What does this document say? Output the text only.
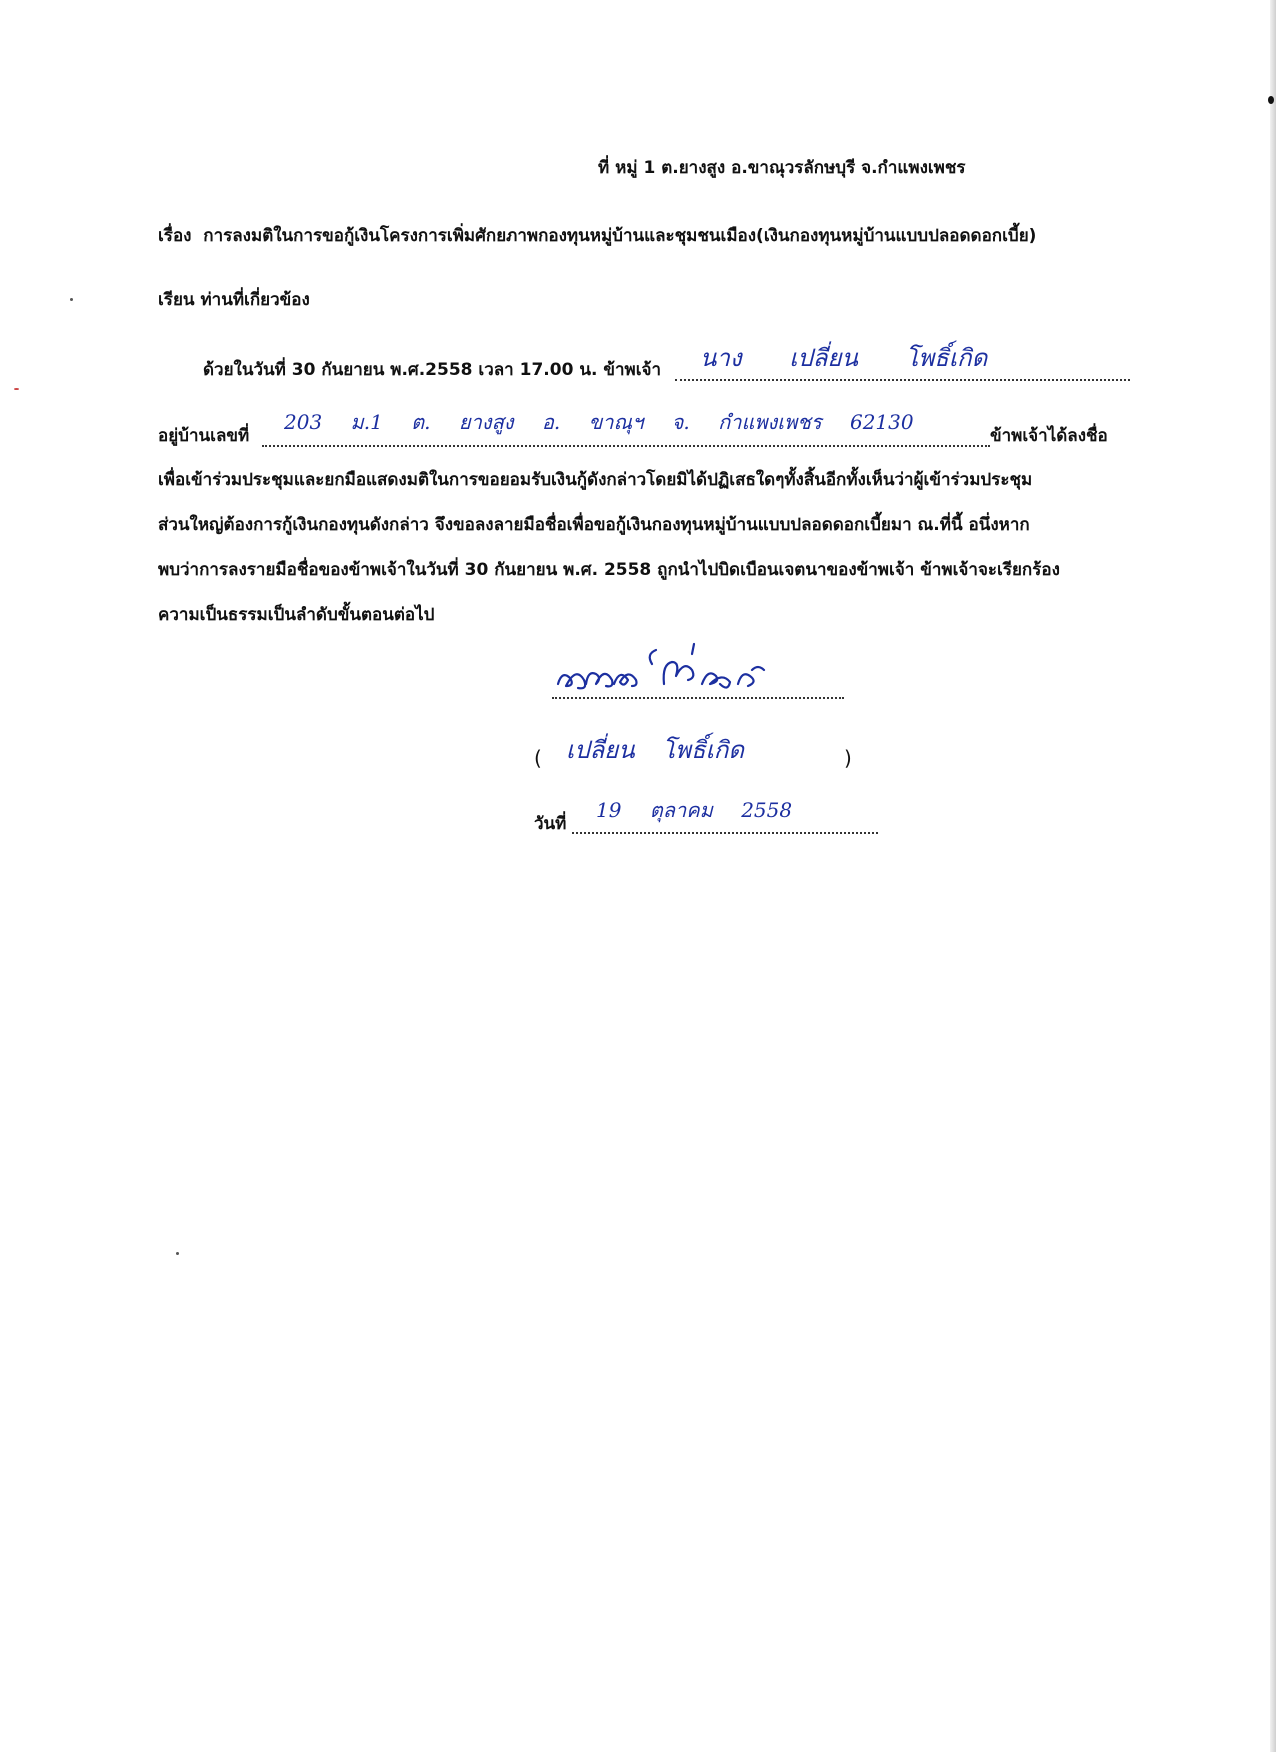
ที่ หมู่ 1 ต.ยางสูง อ.ขาณุวรลักษบุรี จ.กำแพงเพชร
เรื่อง การลงมติในการขอกู้เงินโครงการเพิ่มศักยภาพกองทุนหมู่บ้านและชุมชนเมือง(เงินกองทุนหมู่บ้านแบบปลอดดอกเบี้ย)
เรียน ท่านที่เกี่ยวข้อง
ด้วยในวันที่ 30 กันยายน พ.ศ.2558 เวลา 17.00 น. ข้าพเจ้า นาง เปลี่ยน โพธิ์เกิด
อยู่บ้านเลขที่
203 ม.1 ต. ยางสูง อ. ขาณุฯ จ. กำแพงเพชร 62130
ข้าพเจ้าได้ลงชื่อ
เพื่อเข้าร่วมประชุมและยกมือแสดงมติในการขอยอมรับเงินกู้ดังกล่าวโดยมิได้ปฏิเสธใดๆทั้งสิ้นอีกทั้งเห็นว่าผู้เข้าร่วมประชุม
ส่วนใหญ่ต้องการกู้เงินกองทุนดังกล่าว จึงขอลงลายมือชื่อเพื่อขอกู้เงินกองทุนหมู่บ้านแบบปลอดดอกเบี้ยมา ณ.ที่นี้ อนึ่งหาก
พบว่าการลงรายมือชื่อของข้าพเจ้าในวันที่ 30 กันยายน พ.ศ. 2558 ถูกนำไปบิดเบือนเจตนาของข้าพเจ้า ข้าพเจ้าจะเรียกร้อง
ความเป็นธรรมเป็นลำดับขั้นตอนต่อไป
( เปลี่ยน โพธิ์เกิด	)
วันที่
19 ตุลาคม 2558
